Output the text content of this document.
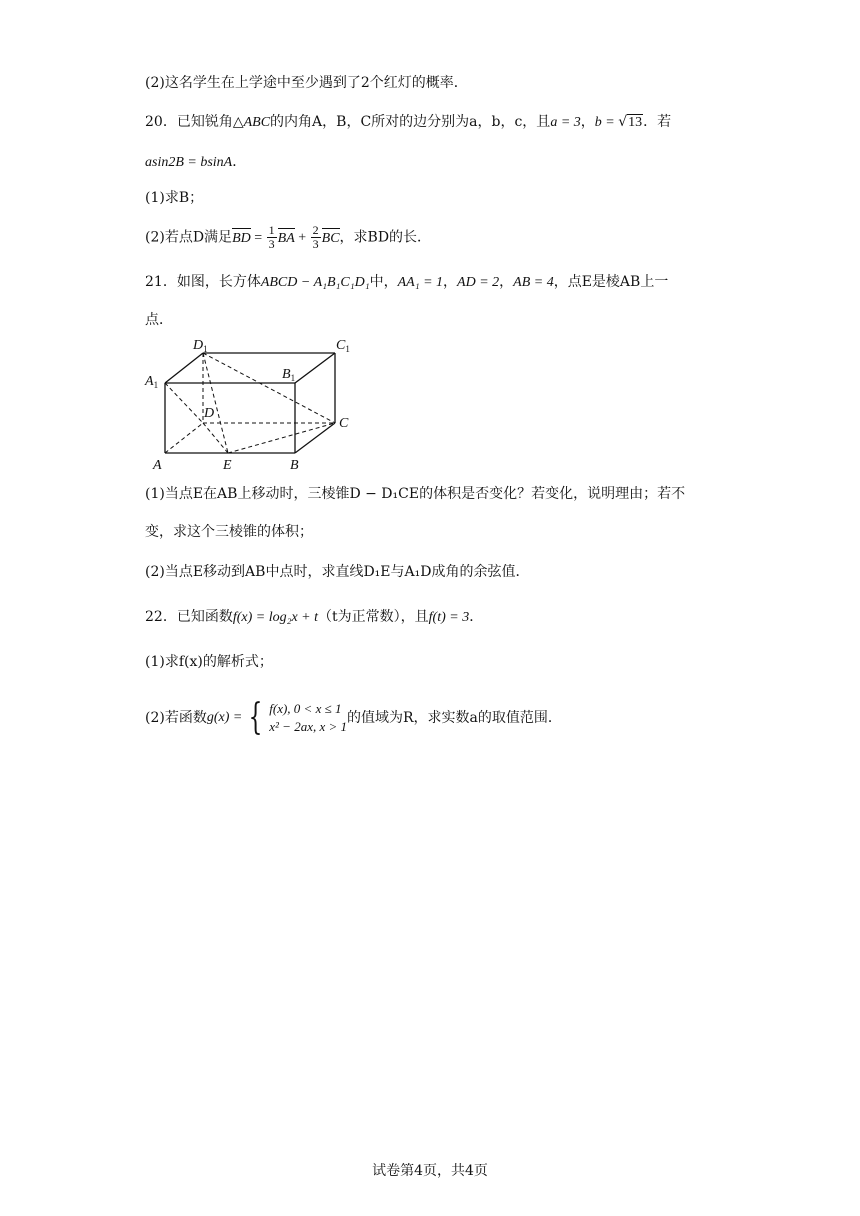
(2)这名学生在上学途中至少遇到了2个红灯的概率．
20．已知锐角△ABC的内角A，B，C所对的边分别为a，b，c，且a = 3，b = √13．若
asin2B = bsinA．
(1)求B；
(2)若点D满足BD = $\frac{1}{3}$ BA + $\frac{2}{3}$ BC，求BD的长．
21．如图，长方体ABCD − A₁B₁C₁D₁中，AA₁ = 1，AD = 2，AB = 4，点E是棱AB上一
点．
$D_1$	$C_1$
$B_1$
$A_1$
D
C
A	E	B
(1)当点E在AB上移动时，三棱锥D − D₁CE的体积是否变化？若变化，说明理由；若不
变，求这个三棱锥的体积；
(2)当点E移动到AB中点时，求直线D₁E与A₁D成角的余弦值．
22．已知函数f(x) = log₂x + t（t为正常数），且f(t) = 3．
(1)求f(x)的解析式；
(2)若函数 g(x) = { f(x), 0 < x ≤ 1
x² − 2ax, x > 1
的值域为R，求实数a的取值范围．
试卷第4页，共4页
